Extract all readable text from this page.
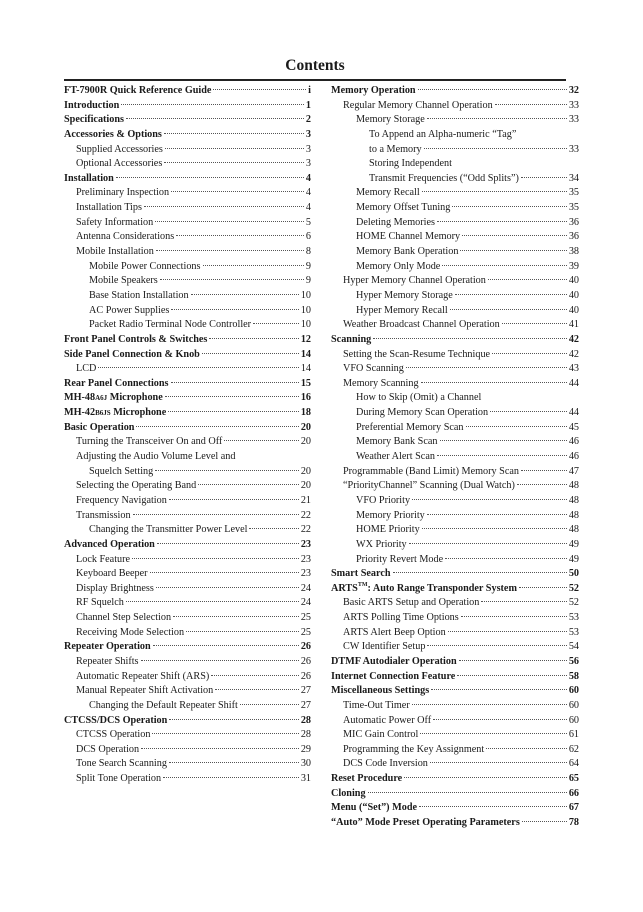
Contents
FT-7900R Quick Reference Guide	i
Introduction	1
Specifications	2
Accessories & Options	3
Supplied Accessories	3
Optional Accessories	3
Installation	4
Preliminary Inspection	4
Installation Tips	4
Safety Information	5
Antenna Considerations	6
Mobile Installation	8
Mobile Power Connections	9
Mobile Speakers	9
Base Station Installation	10
AC Power Supplies	10
Packet Radio Terminal Node Controller	10
Front Panel Controls & Switches	12
Side Panel Connection & Knob	14
LCD	14
Rear Panel Connections	15
MH-48A6J Microphone	16
MH-42B6JS Microphone	18
Basic Operation	20
Turning the Transceiver On and Off	20
Adjusting the Audio Volume Level and
Squelch Setting	20
Selecting the Operating Band	20
Frequency Navigation	21
Transmission	22
Changing the Transmitter Power Level	22
Advanced Operation	23
Lock Feature	23
Keyboard Beeper	23
Display Brightness	24
RF Squelch	24
Channel Step Selection	25
Receiving Mode Selection	25
Repeater Operation	26
Repeater Shifts	26
Automatic Repeater Shift (ARS)	26
Manual Repeater Shift Activation	27
Changing the Default Repeater Shift	27
CTCSS/DCS Operation	28
CTCSS Operation	28
DCS Operation	29
Tone Search Scanning	30
Split Tone Operation	31
Memory Operation	32
Regular Memory Channel Operation	33
Memory Storage	33
To Append an Alpha-numeric “Tag”
to a Memory	33
Storing Independent
Transmit Frequencies (“Odd Splits”)	34
Memory Recall	35
Memory Offset Tuning	35
Deleting Memories	36
HOME Channel Memory	36
Memory Bank Operation	38
Memory Only Mode	39
Hyper Memory Channel Operation	40
Hyper Memory Storage	40
Hyper Memory Recall	40
Weather Broadcast Channel Operation	41
Scanning	42
Setting the Scan-Resume Technique	42
VFO Scanning	43
Memory Scanning	44
How to Skip (Omit) a Channel
During Memory Scan Operation	44
Preferential Memory Scan	45
Memory Bank Scan	46
Weather Alert Scan	46
Programmable (Band Limit) Memory Scan	47
“PriorityChannel” Scanning (Dual Watch)	48
VFO Priority	48
Memory Priority	48
HOME Priority	48
WX Priority	49
Priority Revert Mode	49
Smart Search	50
ARTS™: Auto Range Transponder System	52
Basic ARTS Setup and Operation	52
ARTS Polling Time Options	53
ARTS Alert Beep Option	53
CW Identifier Setup	54
DTMF Autodialer Operation	56
Internet Connection Feature	58
Miscellaneous Settings	60
Time-Out Timer	60
Automatic Power Off	60
MIC Gain Control	61
Programming the Key Assignment	62
DCS Code Inversion	64
Reset Procedure	65
Cloning	66
Menu (“Set”) Mode	67
“Auto” Mode Preset Operating Parameters	78
